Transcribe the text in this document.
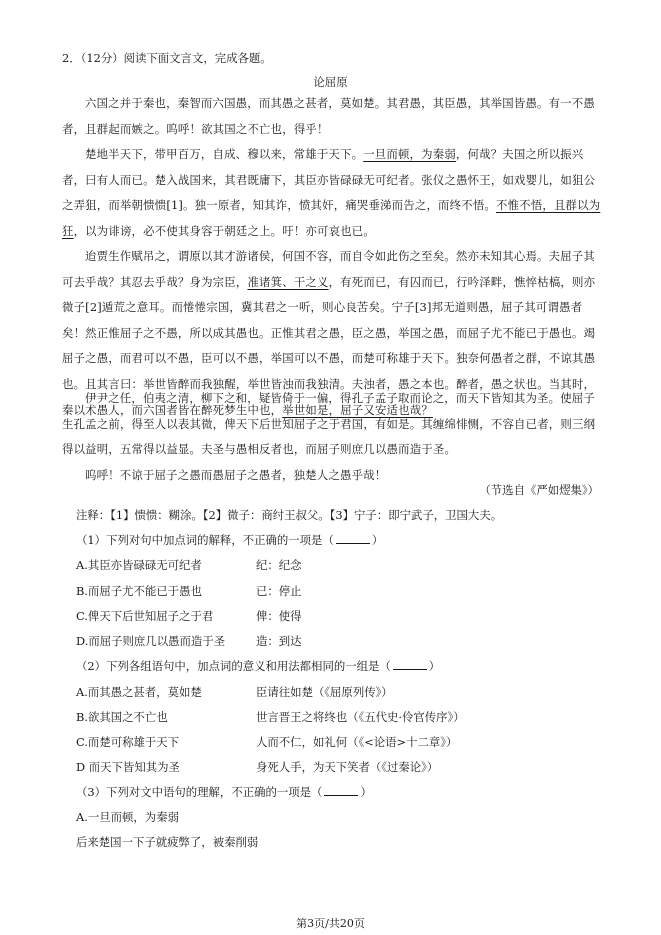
2．（12分）阅读下面文言文，完成各题。
论屈原
六国之并于秦也，秦智而六国愚，而其愚之甚者，莫如楚。其君愚，其臣愚，其举国皆愚。有一不愚者，且群起而嫉之。呜呼！欲其国之不亡也，得乎！
楚地半天下，带甲百万，自成、穆以来，常雄于天下。一旦而顿，为秦弱，何哉？夫国之所以振兴者，曰有人而已。楚入战国来，其君既庸下，其臣亦皆碌碌无可纪者。张仪之愚怀王，如戏婴儿，如狙公之弄狙，而举朝愦愦[1]。独一原者，知其诈，愤其奸，痛哭垂涕而告之，而终不悟。不惟不悟，且群以为狂，以为诽谤，必不使其身容于朝廷之上。吁！亦可哀也已。
迨贾生作赋吊之，谓原以其才游诸侯，何国不容，而自令如此伤之至矣。然亦未知其心焉。夫屈子其可去乎哉？其忍去乎哉？身为宗臣，准诸箕、干之义，有死而已，有囚而已，行吟泽畔，憔悴枯槁，则亦微子[2]遁荒之意耳。而惓惓宗国，冀其君之一听，则心良苦矣。宁子[3]邦无道则愚，屈子其可谓愚者矣！然正惟屈子之不愚，所以成其愚也。正惟其君之愚，臣之愚，举国之愚，而屈子尤不能已于愚也。竭屈子之愚，而君可以不愚，臣可以不愚，举国可以不愚，而楚可称雄于天下。独奈何愚者之群，不谅其愚也。且其言曰：举世皆醉而我独醒，举世皆浊而我独清。夫浊者，愚之本也。醉者，愚之状也。当其时，秦以术愚人，而六国者皆在醉死梦生中也，举世如是，屈子又安适也哉？
伊尹之任，伯夷之清，柳下之和，疑皆倚于一偏，得孔子孟子取而论之，而天下皆知其为圣。使屈子生孔孟之前，得至人以表其微，俾天下后世知屈子之于君国，有如是。其缠绵悱恻，不容自已者，则三纲得以益明，五常得以益显。夫圣与愚相反者也，而屈子则庶几以愚而造于圣。
呜呼！不谅于屈子之愚而愚屈子之愚者，独楚人之愚乎哉！
（节选自《严如熤集》）
注释：【1】愦愦：糊涂。【2】微子：商纣王叔父。【3】宁子：即宁武子，卫国大夫。
（1）下列对句中加点词的解释，不正确的一项是（	）
A.其臣亦皆碌碌无可纪者	纪：纪念
B.而屈子尤不能已于愚也	已：停止
C.俾天下后世知屈子之于君	俾：使得
D.而屈子则庶几以愚而造于圣	造：到达
（2）下列各组语句中，加点词的意义和用法都相同的一组是（	）
A.而其愚之甚者，莫如楚	臣请往如楚（《屈原列传》）
B.欲其国之不亡也	世言晋王之将终也（《五代史·伶官传序》）
C.而楚可称雄于天下	人而不仁，如礼何（《<论语>十二章》）
D 而天下皆知其为圣	身死人手，为天下笑者（《过秦论》）
（3）下列对文中语句的理解，不正确的一项是（	）
A.一旦而顿，为秦弱
后来楚国一下子就疲弊了，被秦削弱
第3页/共20页
